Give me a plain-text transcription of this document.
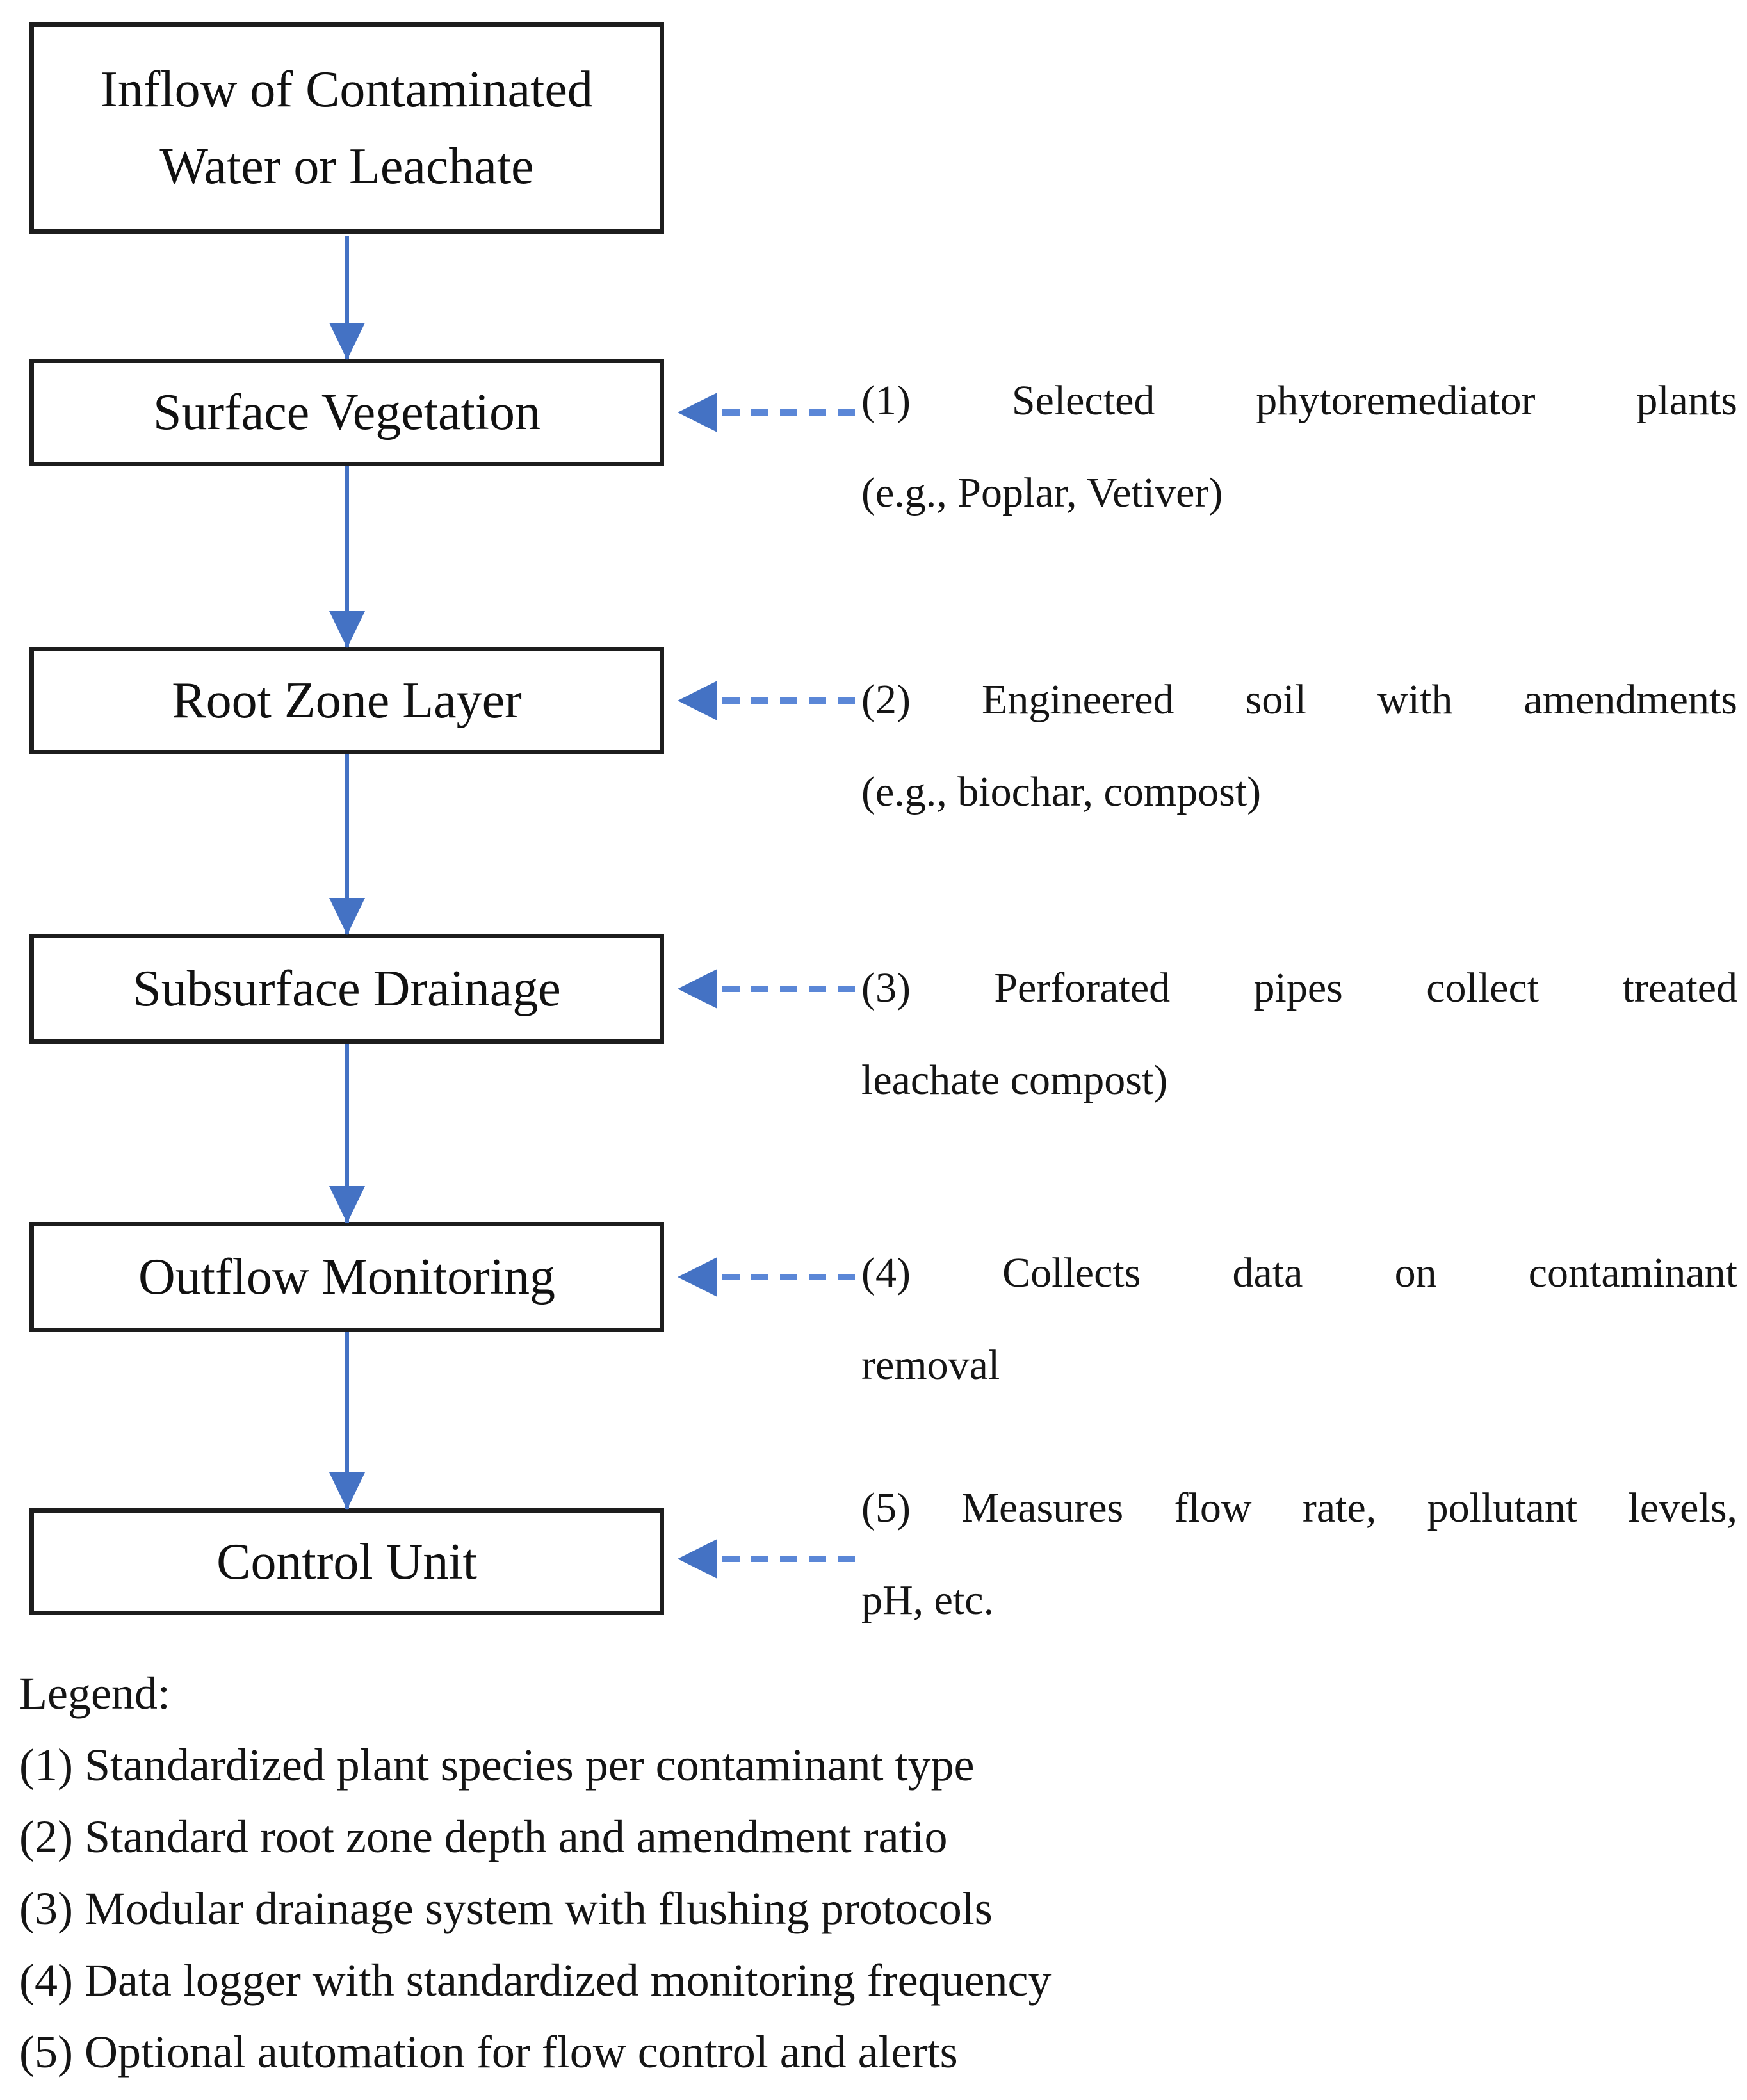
Inflow of Contaminated Water or Leachate
Surface Vegetation
Root Zone Layer
Subsurface Drainage
Outflow Monitoring
Control Unit
(1) Selected phytoremediator plants
(e.g., Poplar, Vetiver)
(2) Engineered soil with amendments
(e.g., biochar, compost)
(3) Perforated pipes collect treated
leachate compost)
(4) Collects data on contaminant
removal
(5) Measures flow rate, pollutant levels,
pH, etc.
Legend:
(1) Standardized plant species per contaminant type
(2) Standard root zone depth and amendment ratio
(3) Modular drainage system with flushing protocols
(4) Data logger with standardized monitoring frequency
(5) Optional automation for flow control and alerts
